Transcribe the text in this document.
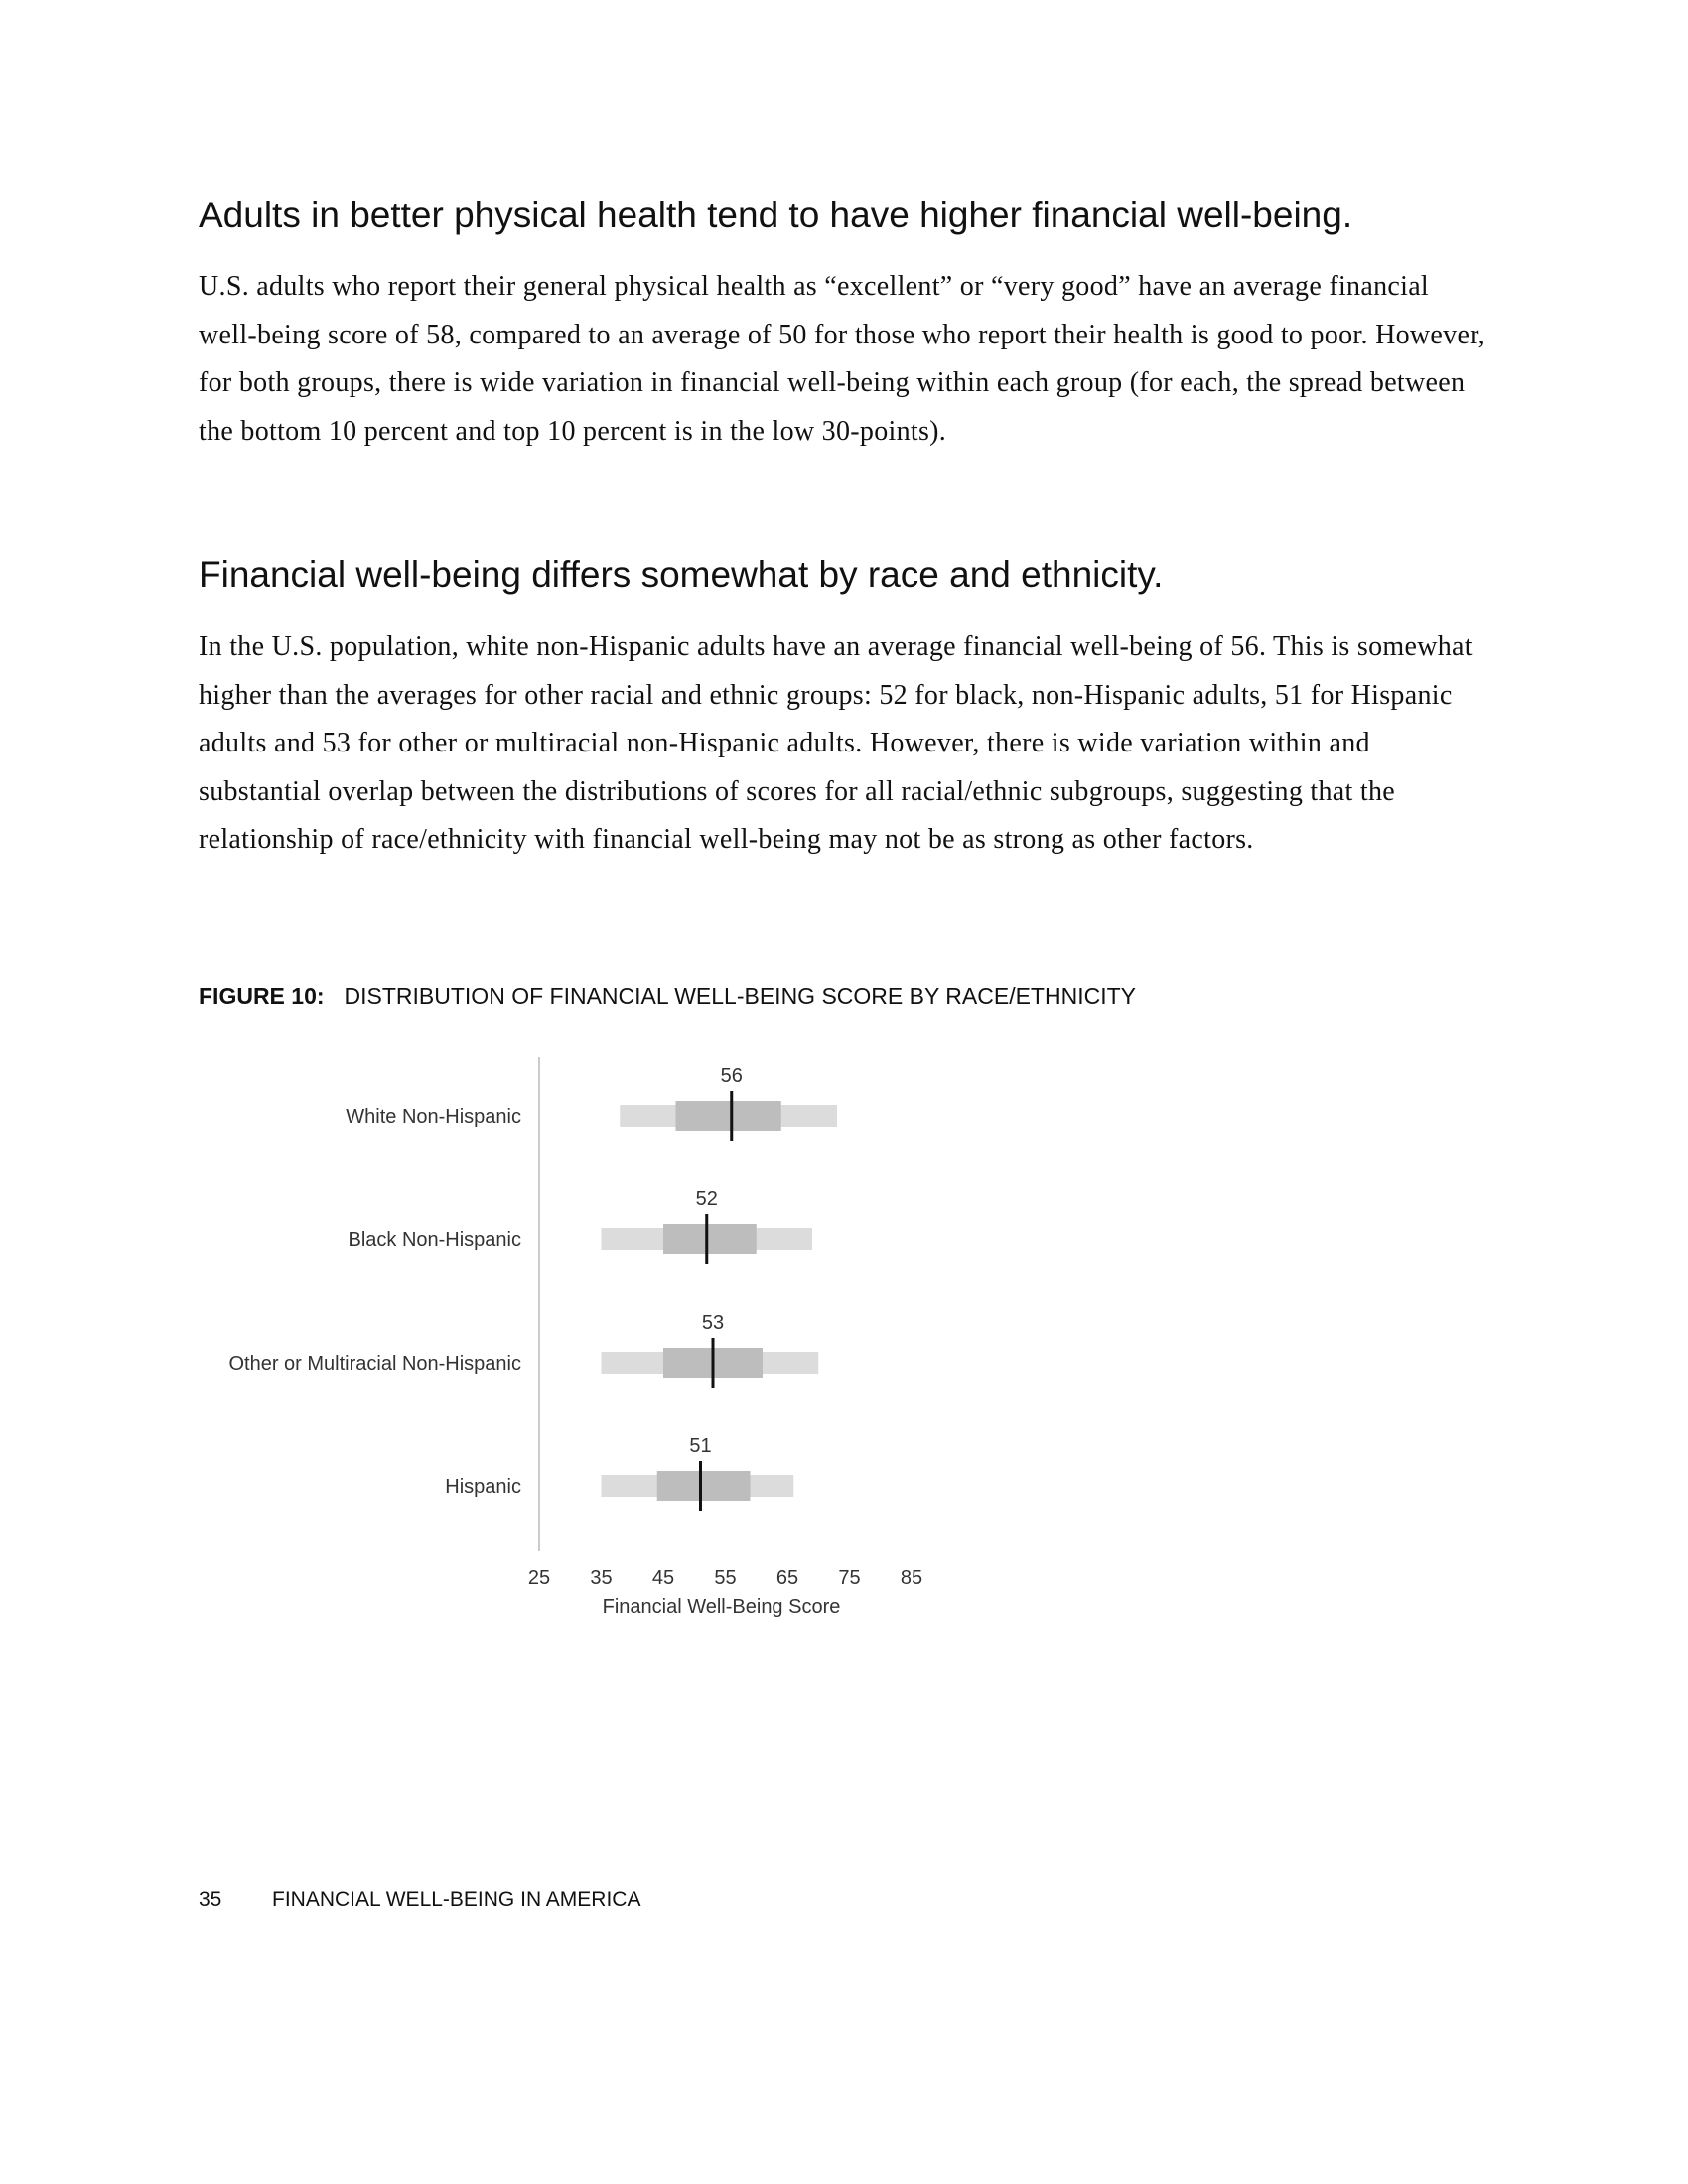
Adults in better physical health tend to have higher financial well-being.

U.S. adults who report their general physical health as “excellent” or “very good” have an average financial well-being score of 58, compared to an average of 50 for those who report their health is good to poor. However, for both groups, there is wide variation in financial well-being within each group (for each, the spread between the bottom 10 percent and top 10 percent is in the low 30-points).

Financial well-being differs somewhat by race and ethnicity.

In the U.S. population, white non-Hispanic adults have an average financial well-being of 56. This is somewhat higher than the averages for other racial and ethnic groups: 52 for black, non-Hispanic adults, 51 for Hispanic adults and 53 for other or multiracial non-Hispanic adults. However, there is wide variation within and substantial overlap between the distributions of scores for all racial/ethnic subgroups, suggesting that the relationship of race/ethnicity with financial well-being may not be as strong as other factors.

FIGURE 10: DISTRIBUTION OF FINANCIAL WELL-BEING SCORE BY RACE/ETHNICITY
White Non-Hispanic
56
Black Non-Hispanic
52
Other or Multiracial Non-Hispanic
53
Hispanic
51
25 35 45 55 65 75 85
Financial Well-Being Score
35 FINANCIAL WELL-BEING IN AMERICA
